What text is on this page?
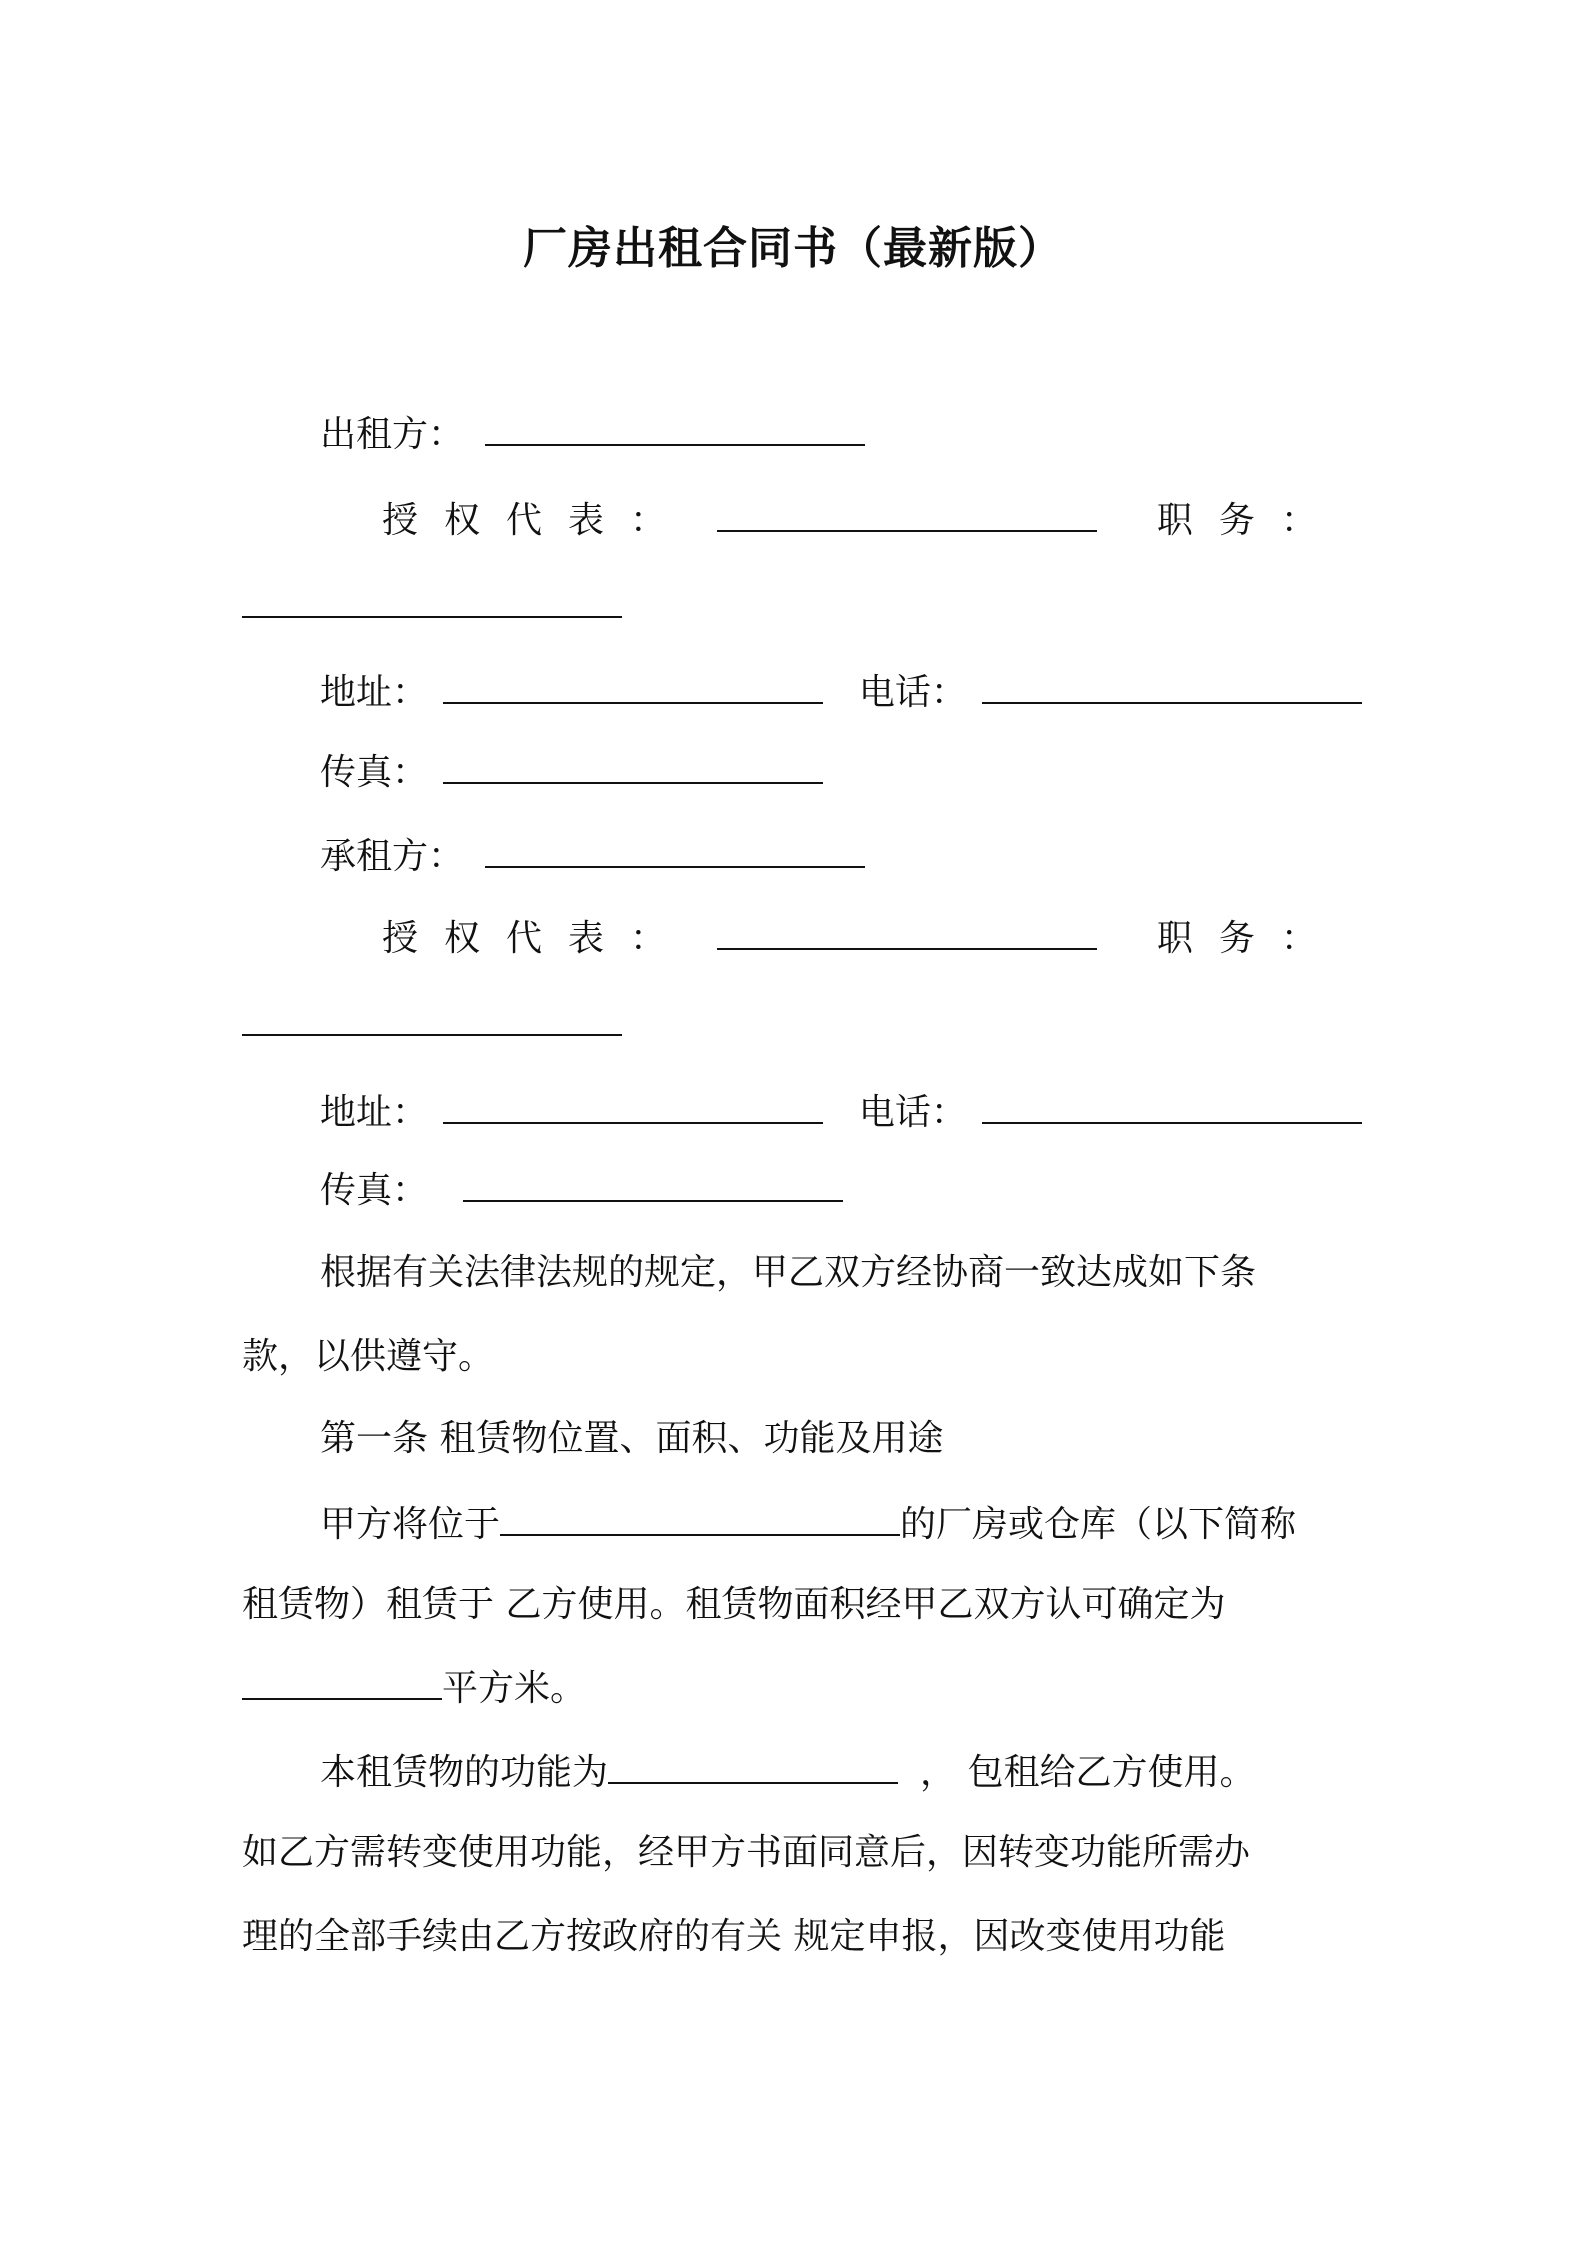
厂房出租合同书（最新版）
出租方：
授权代表：	职务：
地址：	电话：
传真：
承租方：
授权代表：	职务：
地址：	电话：
传真：
根据有关法律法规的规定，甲乙双方经协商一致达成如下条
款，以供遵守。
第一条 租赁物位置、面积、功能及用途
甲方将位于	的厂房或仓库（以下简称
租赁物）租赁于 乙方使用。租赁物面积经甲乙双方认可确定为
平方米。
本租赁物的功能为	， 包租给乙方使用。
如乙方需转变使用功能，经甲方书面同意后，因转变功能所需办
理的全部手续由乙方按政府的有关 规定申报，因改变使用功能
